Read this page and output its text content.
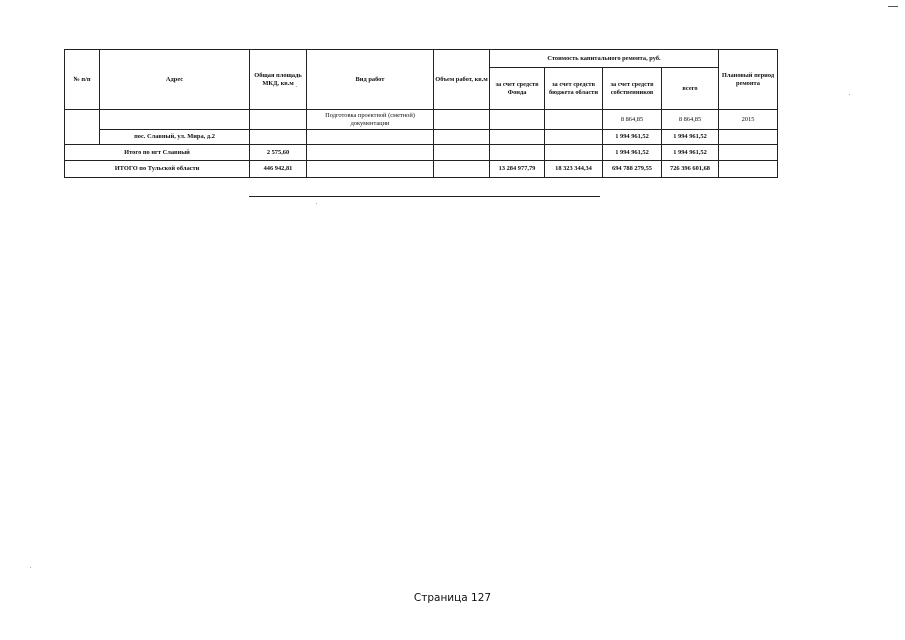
№ п/п	Адрес	Общая площадь МКД, кв.м	Вид работ	Объем работ, кв.м	Стоимость капитального ремонта, руб.				Плановый период ремонта
					за счет средств Фонда	за счет средств бюджета области	за счет средств собственников	всего	
			Подготовка проектной (сметной) документации				8 864,85	8 864,85	2015
	пос. Славный, ул. Мира, д.2						1 994 961,52	1 994 961,52	
Итого по нгт Славный		2 575,60					1 994 961,52	1 994 961,52	
ИТОГО по Тульской области		446 942,81			13 284 977,79	18 323 344,34	694 788 279,55	726 396 601,68	
Страница 127
